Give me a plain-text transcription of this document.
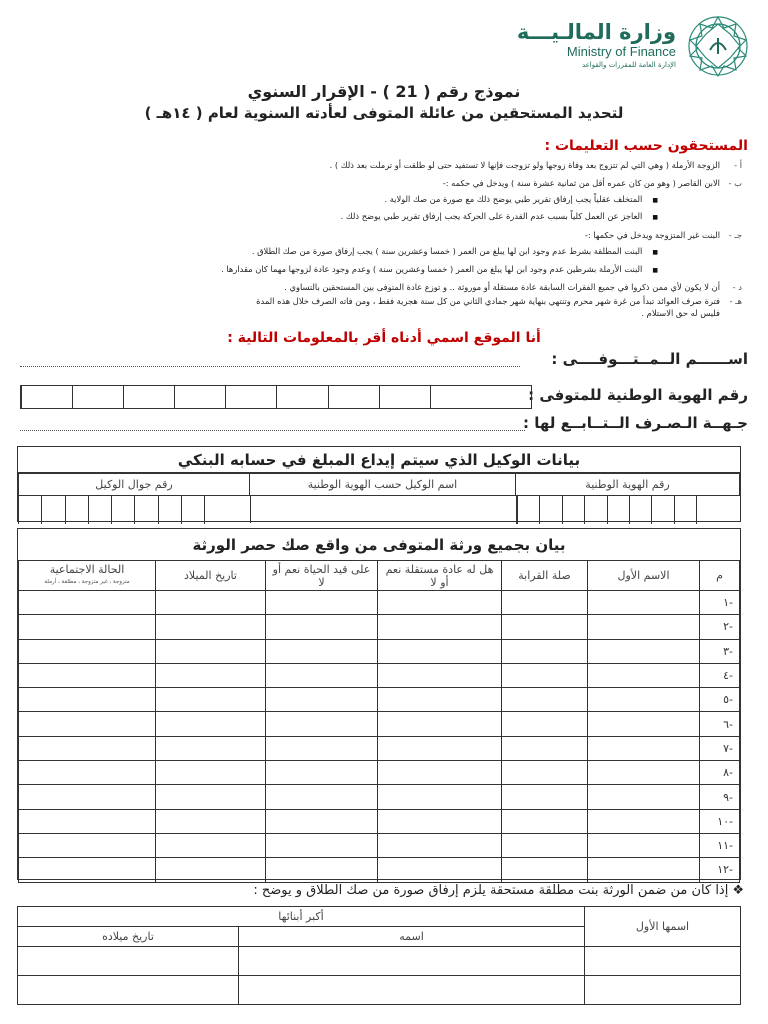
وزارة المالـيـــة
Ministry of Finance
الإدارة العامة للمقررات والقواعد
نموذج رقم ( 21 ) - الإقرار السنوي
لتحديد المستحقين من عائلة المتوفى لعأدته السنوية لعام ( ١٤هـ )
المستحقون حسب التعليمات :
أ -الزوجة الأرملة ( وهي التي لم تتزوج بعد وفاة زوجها ولو تزوجت فإنها لا تستفيد حتى لو طلقت أو ترملت بعد ذلك ) .
ب -الابن القاصر ( وهو من كان عمره أقل من ثمانية عشرة سنة ) ويدخل في حكمه :-
■ المتخلف عقلياً يجب إرفاق تقرير طبي يوضح ذلك مع صورة من صك الولاية .
■ العاجز عن العمل كلياً بسبب عدم القدرة على الحركة يجب إرفاق تقرير طبي يوضح ذلك .
جـ -البنت غير المتزوجة ويدخل في حكمها :-
■ البنت المطلقة بشرط عدم وجود ابن لها يبلغ من العمر ( خمسا وعشرين سنة ) يجب إرفاق صورة من صك الطلاق .
■ البنت الأرملة بشرطين عدم وجود ابن لها يبلغ من العمر ( خمسا وعشرين سنة ) وعدم وجود عادة لزوجها مهما كان مقدارها .
د -أن لا يكون لأي ممن ذكروا في جميع الفقرات السابقة عادة مستقلة أو موروثة .. و توزع عادة المتوفى بين المستحقين بالتساوي .
هـ -فترة صرف العوائد تبدأ من غرة شهر محرم وتنتهي بنهاية شهر جمادي الثاني من كل سنة هجرية فقط ، ومن فاته الصرف خلال هذه المدة
فليس له حق الاستلام .
أنا الموقع اسمي أدناه أقر بالمعلومات التالية :
اســــــم الــمــتـــوفــــى :
رقم الهوية الوطنية للمتوفى :
جـهــة الـصـرف الــتــابــع لها :
بيانات الوكيل الذي سيتم إيداع المبلغ في حسابه البنكي
رقم الهوية الوطنية	اسم الوكيل حسب الهوية الوطنية	رقم جوال الوكيل
بيان بجميع ورثة المتوفى من واقع صك حصر الورثة
م	الاسم الأول	صلة القرابة	هل له عادة مستقلة نعم أو لا	على قيد الحياة نعم أو لا	تاريخ الميلاد	الحالة الاجتماعية
متزوجة ، غير متزوجة ، مطلقة ، أرملة

-١						
-٢						
-٣						
-٤						
-٥						
-٦						
-٧						
-٨						
-٩						
-١٠						
-١١						
-١٢						
❖إذا كان من ضمن الورثة بنت مطلقة مستحقة يلزم إرفاق صورة من صك الطلاق و يوضح :
اسمها الأول	أكبر أبنائها	
	اسمه	تاريخ ميلاده
